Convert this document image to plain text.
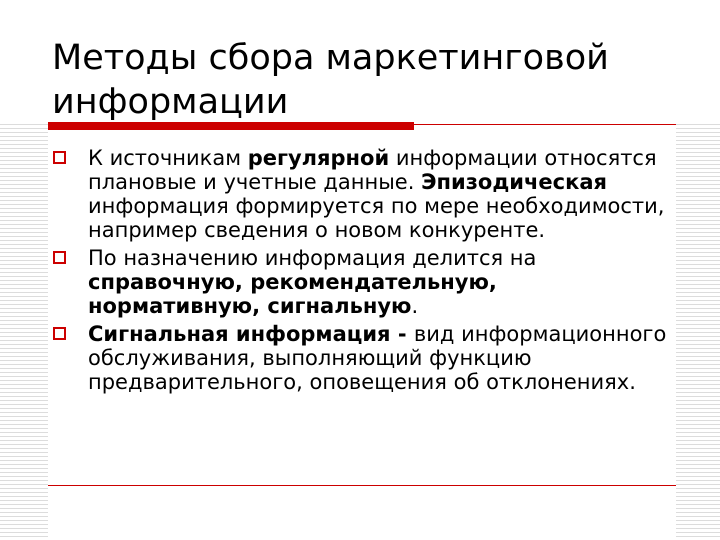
Методы сбора маркетинговой информации
К источникам регулярной информации относятся плановые и учетные данные. Эпизодическая информация формируется по мере необходимости, например сведения о новом конкуренте.
По назначению информация делится на справочную, рекомендательную, нормативную, сигнальную.
Сигнальная информация - вид информационного обслуживания, выполняющий функцию предварительного, оповещения об отклонениях.
